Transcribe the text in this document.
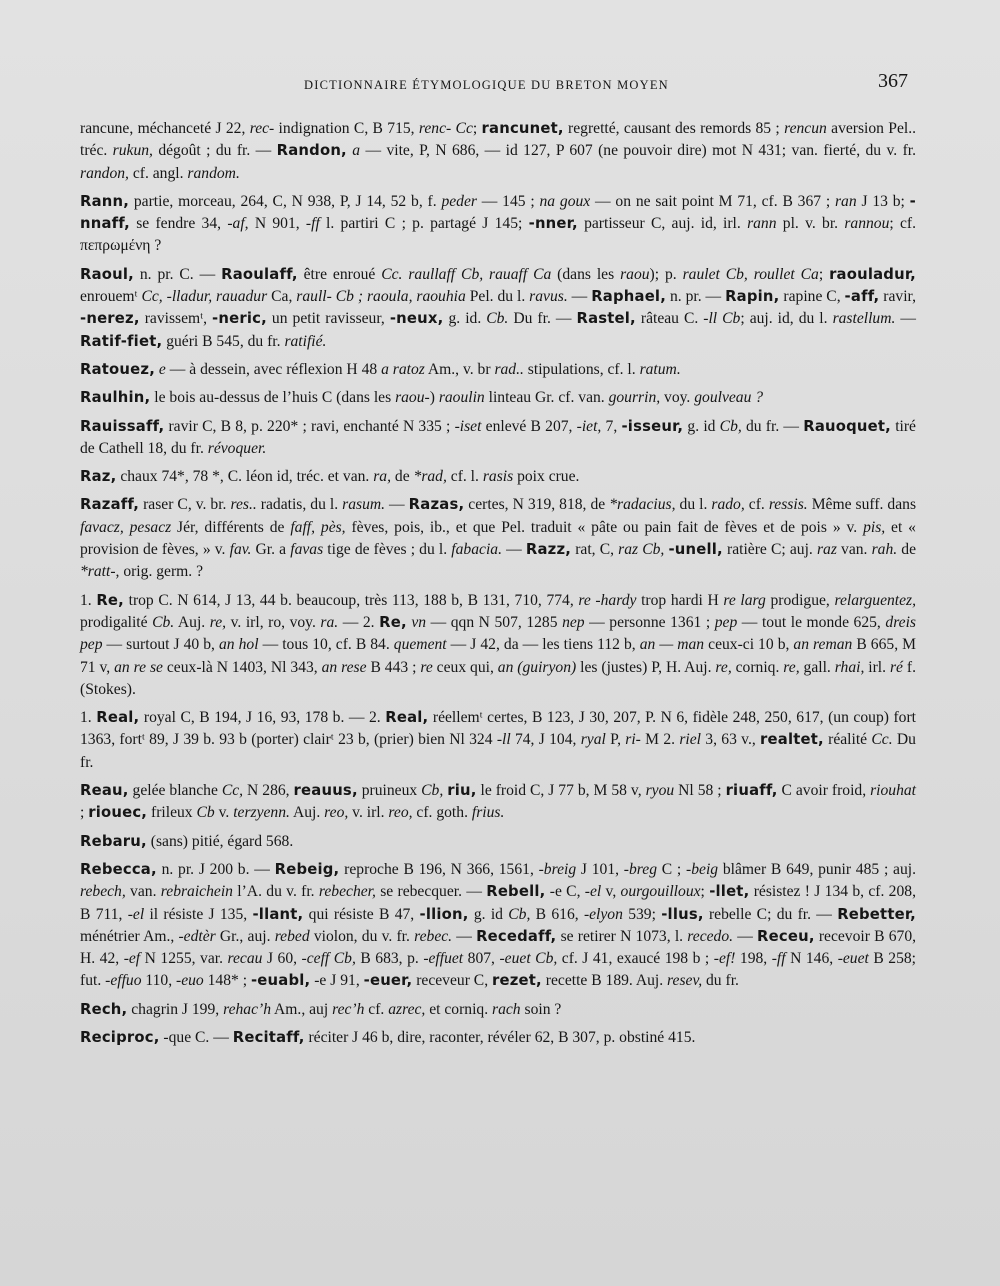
DICTIONNAIRE ÉTYMOLOGIQUE DU BRETON MOYEN	367

rancune, méchanceté J 22, rec- indignation C, B 715, renc- Cc; rancunet, regretté, causant des remords 85 ; rencun aversion Pel.. tréc. rukun, dégoût ; du fr. — Randon, a — vite, P, N 686, — id 127, P 607 (ne pouvoir dire) mot N 431; van. fierté, du v. fr. randon, cf. angl. random.

Rann, partie, morceau, 264, C, N 938, P, J 14, 52 b, f. peder — 145 ; na goux — on ne sait point M 71, cf. B 367 ; ran J 13 b; -nnaff, se fendre 34, -af, N 901, -ff l. partiri C ; p. partagé J 145; -nner, partisseur C, auj. id, irl. rann pl. v. br. rannou; cf. πεπρωμένη ?

Raoul, n. pr. C. — Raoulaff, être enroué Cc. raullaff Cb, rauaff Ca (dans les raou); p. raulet Cb, roullet Ca; raouladur, enrouemᵗ Cc, -lladur, rauadur Ca, raull- Cb ; raoula, raouhia Pel. du l. ravus. — Raphael, n. pr. — Rapin, rapine C, -aff, ravir, -nerez, ravissemᵗ, -neric, un petit ravisseur, -neux, g. id. Cb. Du fr. — Rastel, râteau C. -ll Cb; auj. id, du l. rastellum. — Ratif-fiet, guéri B 545, du fr. ratifié.

Ratouez, e — à dessein, avec réflexion H 48 a ratoz Am., v. br rad.. stipulations, cf. l. ratum.

Raulhin, le bois au-dessus de l’huis C (dans les raou-) raoulin linteau Gr. cf. van. gourrin, voy. goulveau ?

Rauissaff, ravir C, B 8, p. 220* ; ravi, enchanté N 335 ; -iset enlevé B 207, -iet, 7, -isseur, g. id Cb, du fr. — Rauoquet, tiré de Cathell 18, du fr. révoquer.

Raz, chaux 74*, 78 *, C. léon id, tréc. et van. ra, de *rad, cf. l. rasis poix crue.

Razaff, raser C, v. br. res.. radatis, du l. rasum. — Razas, certes, N 319, 818, de *radacius, du l. rado, cf. ressis. Même suff. dans favacz, pesacz Jér, différents de faff, pès, fèves, pois, ib., et que Pel. traduit « pâte ou pain fait de fèves et de pois » v. pis, et « provision de fèves, » v. fav. Gr. a favas tige de fèves ; du l. fabacia. — Razz, rat, C, raz Cb, -unell, ratière C; auj. raz van. rah. de *ratt-, orig. germ. ?

1. Re, trop C. N 614, J 13, 44 b. beaucoup, très 113, 188 b, B 131, 710, 774, re -hardy trop hardi H re larg prodigue, relarguentez, prodigalité Cb. Auj. re, v. irl, ro, voy. ra. — 2. Re, vn — qqn N 507, 1285 nep — personne 1361 ; pep — tout le monde 625, dreis pep — surtout J 40 b, an hol — tous 10, cf. B 84. quement — J 42, da — les tiens 112 b, an — man ceux-ci 10 b, an reman B 665, M 71 v, an re se ceux-là N 1403, Nl 343, an rese B 443 ; re ceux qui, an (guiryon) les (justes) P, H. Auj. re, corniq. re, gall. rhai, irl. ré f. (Stokes).

1. Real, royal C, B 194, J 16, 93, 178 b. — 2. Real, réellemᵗ certes, B 123, J 30, 207, P. N 6, fidèle 248, 250, 617, (un coup) fort 1363, fortᵗ 89, J 39 b. 93 b (porter) clairᵗ 23 b, (prier) bien Nl 324 -ll 74, J 104, ryal P, ri- M 2. riel 3, 63 v., realtet, réalité Cc. Du fr.

Reau, gelée blanche Cc, N 286, reauus, pruineux Cb, riu, le froid C, J 77 b, M 58 v, ryou Nl 58 ; riuaff, C avoir froid, riouhat ; riouec, frileux Cb v. terzyenn. Auj. reo, v. irl. reo, cf. goth. frius.

Rebaru, (sans) pitié, égard 568.

Rebecca, n. pr. J 200 b. — Rebeig, reproche B 196, N 366, 1561, -breig J 101, -breg C ; -beig blâmer B 649, punir 485 ; auj. rebech, van. rebraichein l’A. du v. fr. rebecher, se rebecquer. — Rebell, -e C, -el v, ourgouilloux; -llet, résistez ! J 134 b, cf. 208, B 711, -el il résiste J 135, -llant, qui résiste B 47, -llion, g. id Cb, B 616, -elyon 539; -llus, rebelle C; du fr. — Rebetter, ménétrier Am., -edtèr Gr., auj. rebed violon, du v. fr. rebec. — Recedaff, se retirer N 1073, l. recedo. — Receu, recevoir B 670, H. 42, -ef N 1255, var. recau J 60, -ceff Cb, B 683, p. -effuet 807, -euet Cb, cf. J 41, exaucé 198 b ; -ef! 198, -ff N 146, -euet B 258; fut. -effuo 110, -euo 148* ; -euabl, -e J 91, -euer, receveur C, rezet, recette B 189. Auj. resev, du fr.

Rech, chagrin J 199, rehac’h Am., auj rec’h cf. azrec, et corniq. rach soin ?

Reciproc, -que C. — Recitaff, réciter J 46 b, dire, raconter, révéler 62, B 307, p. obstiné 415.
